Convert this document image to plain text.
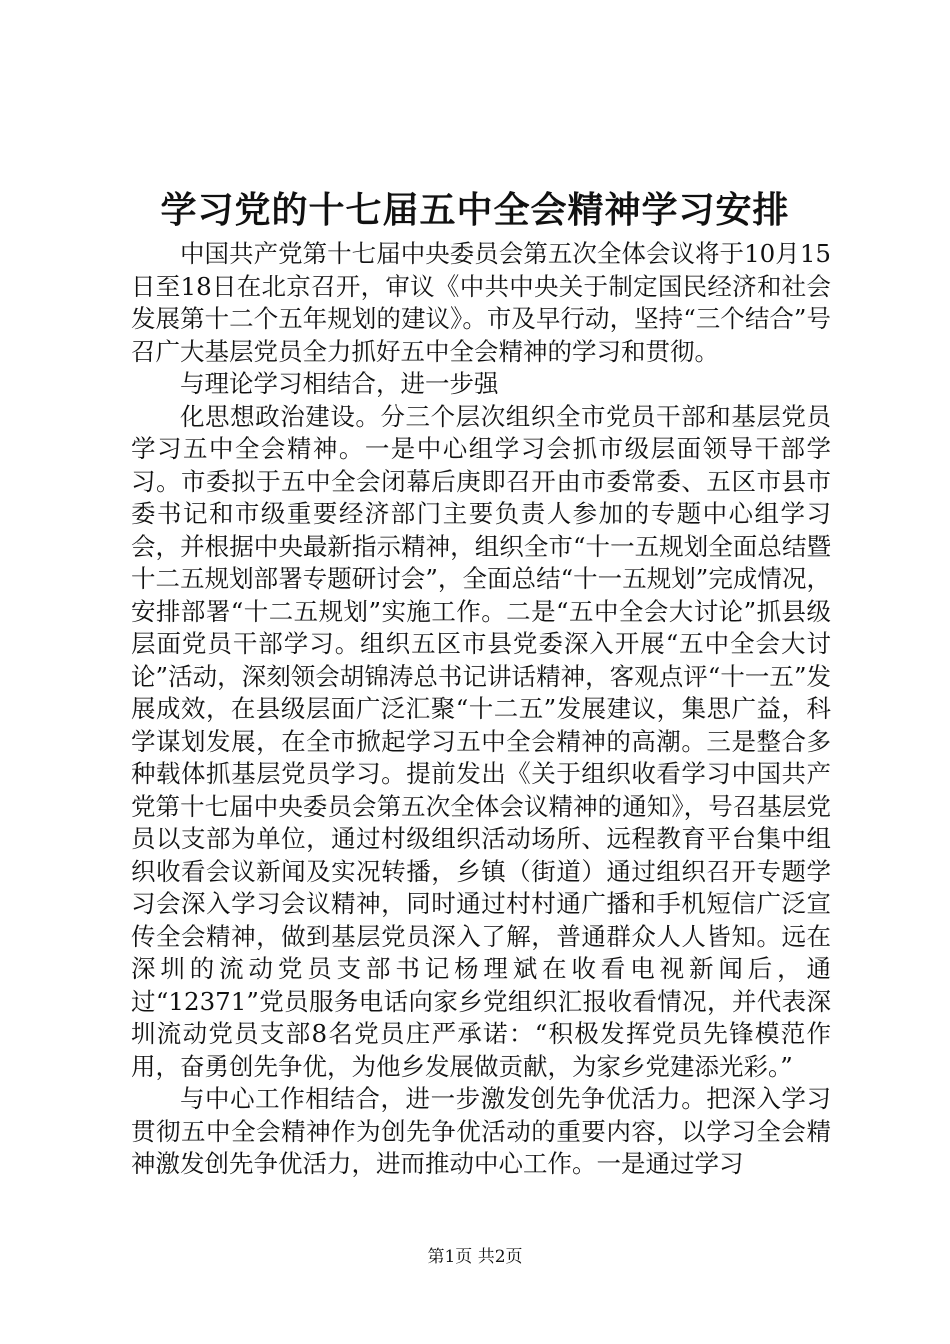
学习党的十七届五中全会精神学习安排

中国共产党第十七届中央委员会第五次全体会议将于10月15日至18日在北京召开，审议《中共中央关于制定国民经济和社会发展第十二个五年规划的建议》。市及早行动，坚持“三个结合”号召广大基层党员全力抓好五中全会精神的学习和贯彻。

与理论学习相结合，进一步强

化思想政治建设。分三个层次组织全市党员干部和基层党员学习五中全会精神。一是中心组学习会抓市级层面领导干部学习。市委拟于五中全会闭幕后庚即召开由市委常委、五区市县市委书记和市级重要经济部门主要负责人参加的专题中心组学习会，并根据中央最新指示精神，组织全市“十一五规划全面总结暨十二五规划部署专题研讨会”，全面总结“十一五规划”完成情况，安排部署“十二五规划”实施工作。二是“五中全会大讨论”抓县级层面党员干部学习。组织五区市县党委深入开展“五中全会大讨论”活动，深刻领会胡锦涛总书记讲话精神，客观点评“十一五”发展成效，在县级层面广泛汇聚“十二五”发展建议，集思广益，科学谋划发展，在全市掀起学习五中全会精神的高潮。三是整合多种载体抓基层党员学习。提前发出《关于组织收看学习中国共产党第十七届中央委员会第五次全体会议精神的通知》，号召基层党员以支部为单位，通过村级组织活动场所、远程教育平台集中组织收看会议新闻及实况转播，乡镇（街道）通过组织召开专题学习会深入学习会议精神，同时通过村村通广播和手机短信广泛宣传全会精神，做到基层党员深入了解，普通群众人人皆知。远在深圳的流动党员支部书记杨理斌在收看电视新闻后，通过“12371”党员服务电话向家乡党组织汇报收看情况，并代表深圳流动党员支部8名党员庄严承诺：“积极发挥党员先锋模范作用，奋勇创先争优，为他乡发展做贡献，为家乡党建添光彩。”

与中心工作相结合，进一步激发创先争优活力。把深入学习贯彻五中全会精神作为创先争优活动的重要内容，以学习全会精神激发创先争优活力，进而推动中心工作。一是通过学习

第1页 共2页
